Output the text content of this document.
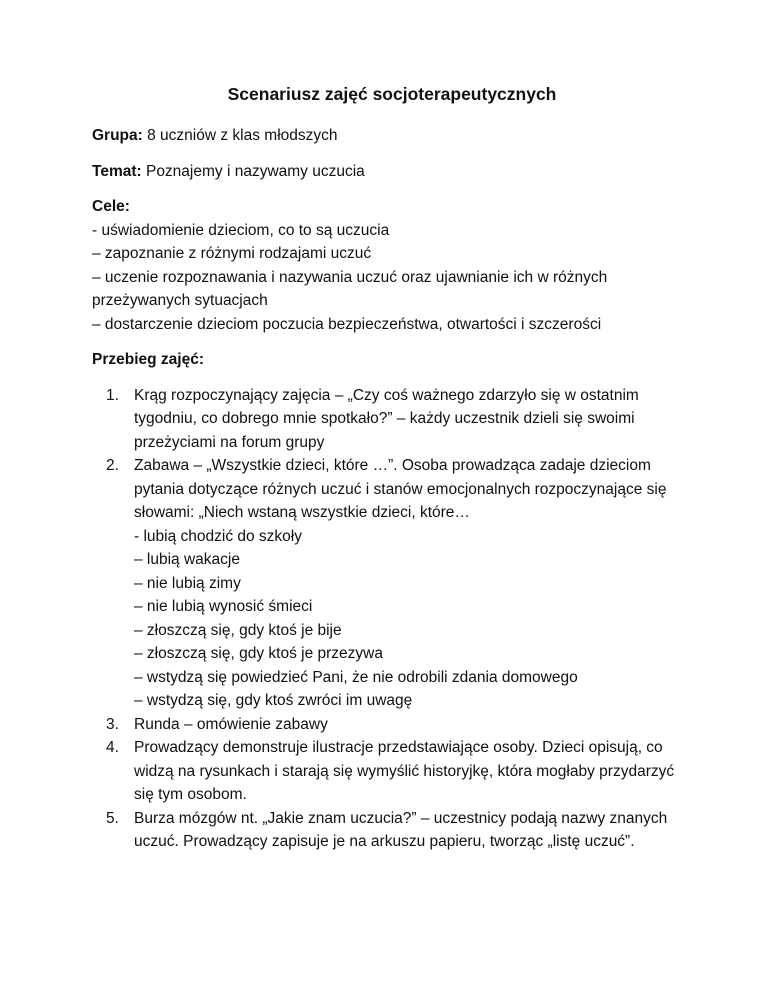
Scenariusz zajęć socjoterapeutycznych
Grupa: 8 uczniów z klas młodszych
Temat: Poznajemy i nazywamy uczucia
Cele:
- uświadomienie dzieciom, co to są uczucia
– zapoznanie z różnymi rodzajami uczuć
– uczenie rozpoznawania i nazywania uczuć oraz ujawnianie ich w różnych przeżywanych sytuacjach
– dostarczenie dzieciom poczucia bezpieczeństwa, otwartości i szczerości
Przebieg zajęć:
1. Krąg rozpoczynający zajęcia – „Czy coś ważnego zdarzyło się w ostatnim tygodniu, co dobrego mnie spotkało?” – każdy uczestnik dzieli się swoimi przeżyciami na forum grupy
2. Zabawa – „Wszystkie dzieci, które …”. Osoba prowadząca zadaje dzieciom pytania dotyczące różnych uczuć i stanów emocjonalnych rozpoczynające się słowami: „Niech wstaną wszystkie dzieci, które…
- lubią chodzić do szkoły
– lubią wakacje
– nie lubią zimy
– nie lubią wynosić śmieci
– złoszczą się, gdy ktoś je bije
– złoszczą się, gdy ktoś je przezywa
– wstydzą się powiedzieć Pani, że nie odrobili zdania domowego
– wstydzą się, gdy ktoś zwróci im uwagę
3. Runda – omówienie zabawy
4. Prowadzący demonstruje ilustracje przedstawiające osoby. Dzieci opisują, co widzą na rysunkach i starają się wymyślić historyjkę, która mogłaby przydarzyć się tym osobom.
5. Burza mózgów nt. „Jakie znam uczucia?” – uczestnicy podają nazwy znanych uczuć. Prowadzący zapisuje je na arkuszu papieru, tworząc „listę uczuć”.
